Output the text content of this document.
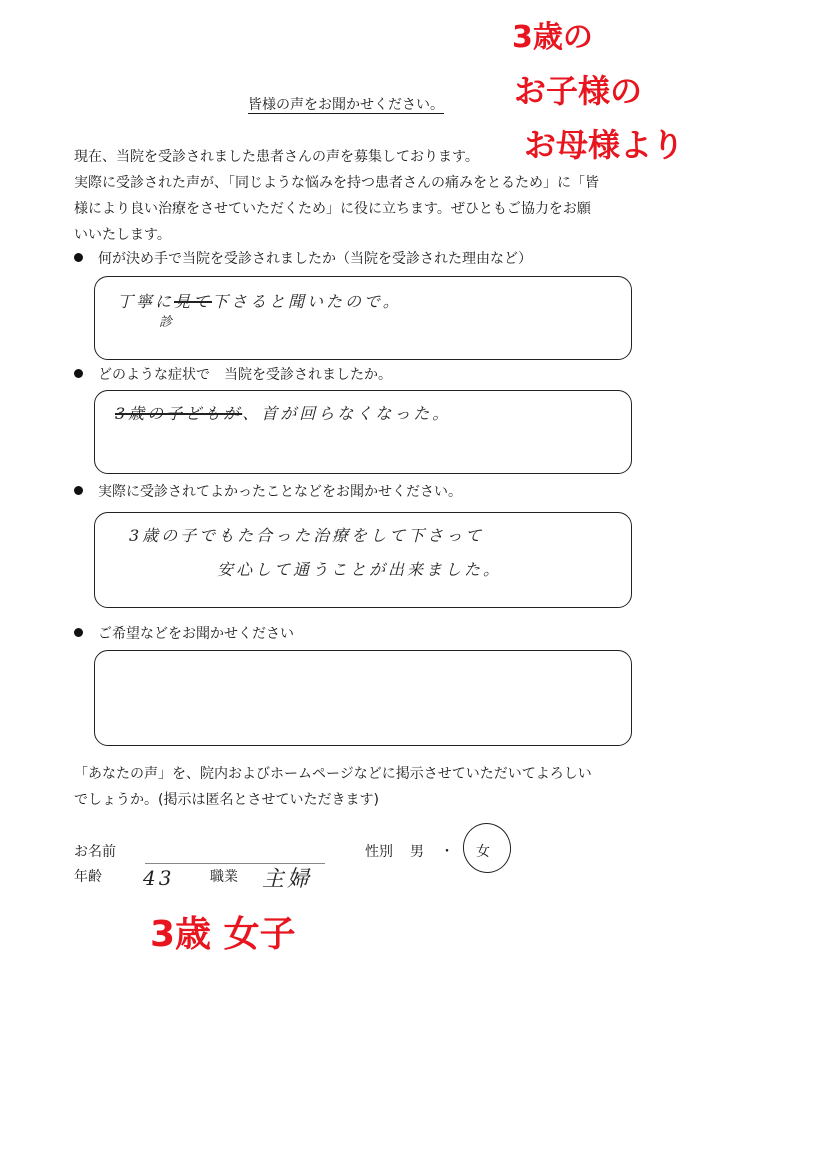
3歳の
お子様の
お母様より
皆様の声をお聞かせください。
現在、当院を受診されました患者さんの声を募集しております。
実際に受診された声が、「同じような悩みを持つ患者さんの痛みをとるため」に「皆
様により良い治療をさせていただくため」に役に立ちます。ぜひともご協力をお願
いいたします。
何が決め手で当院を受診されましたか（当院を受診された理由など）
丁寧に見て下さると聞いたので。
診
どのような症状で　当院を受診されましたか。
3歳の子どもが、首が回らなくなった。
実際に受診されてよかったことなどをお聞かせください。
3歳の子でもた合った治療をして下さって
安心して通うことが出来ました。
ご希望などをお聞かせください
「あなたの声」を、院内およびホームページなどに掲示させていただいてよろしい
でしょうか。(掲示は匿名とさせていただきます)
お名前	性別 男 ・ 女
年齢 43	職業 主婦
3歳 女子
